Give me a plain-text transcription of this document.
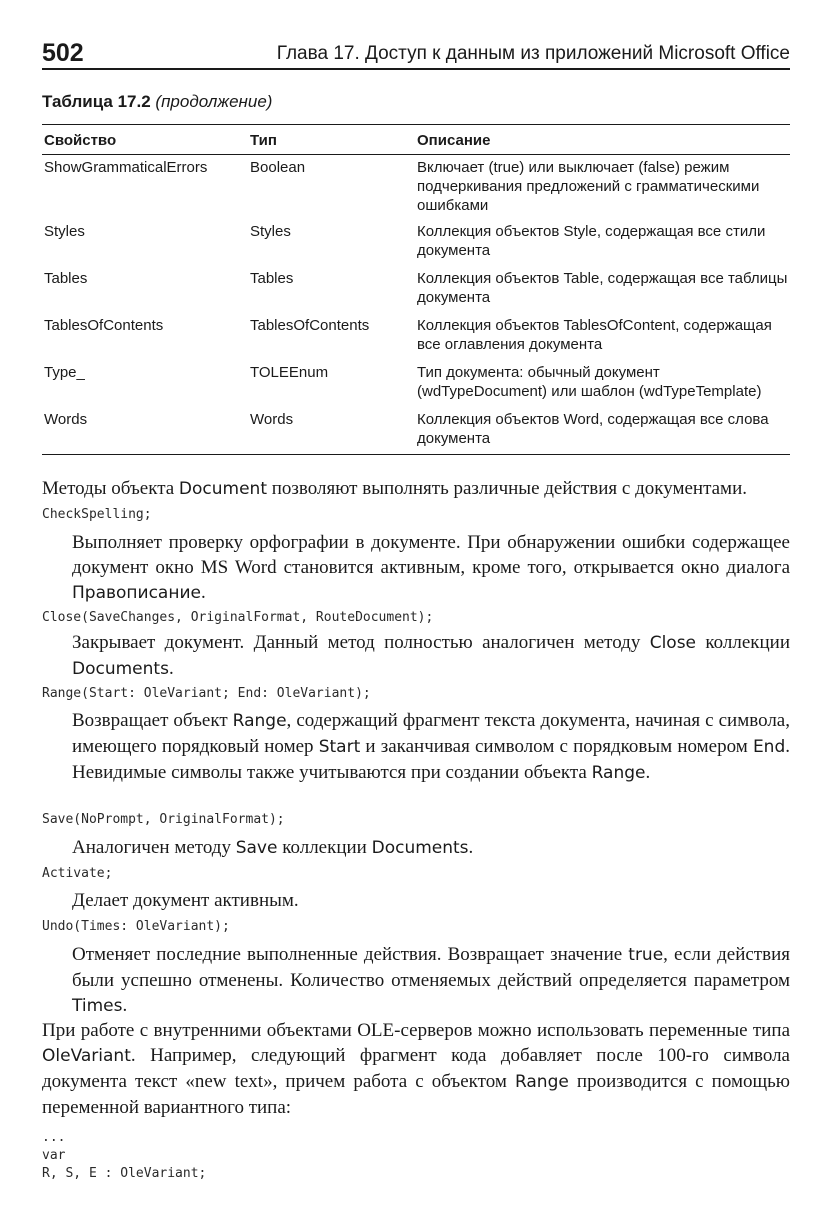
502	Глава 17. Доступ к данным из приложений Microsoft Office
Таблица 17.2 (продолжение)
Свойство	Тип	Описание
ShowGrammaticalErrors	Boolean	Включает (true) или выключает (false) режим подчеркивания предложений с грамматическими ошибками
Styles	Styles	Коллекция объектов Style, содержащая все стили документа
Tables	Tables	Коллекция объектов Table, содержащая все таблицы документа
TablesOfContents	TablesOfContents	Коллекция объектов TablesOfContent, содержащая все оглавления документа
Type_	TOLEEnum	Тип документа: обычный документ (wdTypeDocument) или шаблон (wdTypeTemplate)
Words	Words	Коллекция объектов Word, содержащая все слова документа
Методы объекта Document позволяют выполнять различные действия с документами.
CheckSpelling;
Выполняет проверку орфографии в документе. При обнаружении ошибки содержащее документ окно MS Word становится активным, кроме того, открывается окно диалога Правописание.
Close(SaveChanges, OriginalFormat, RouteDocument);
Закрывает документ. Данный метод полностью аналогичен методу Close коллекции Documents.
Range(Start: OleVariant; End: OleVariant);
Возвращает объект Range, содержащий фрагмент текста документа, начиная с символа, имеющего порядковый номер Start и заканчивая символом с порядковым номером End. Невидимые символы также учитываются при создании объекта Range.
Save(NoPrompt, OriginalFormat);
Аналогичен методу Save коллекции Documents.
Activate;
Делает документ активным.
Undo(Times: OleVariant);
Отменяет последние выполненные действия. Возвращает значение true, если действия были успешно отменены. Количество отменяемых действий определяется параметром Times.
При работе с внутренними объектами OLE-серверов можно использовать переменные типа OleVariant. Например, следующий фрагмент кода добавляет после 100-го символа документа текст «new text», причем работа с объектом Range производится с помощью переменной вариантного типа:
...
var
R, S, E : OleVariant;
